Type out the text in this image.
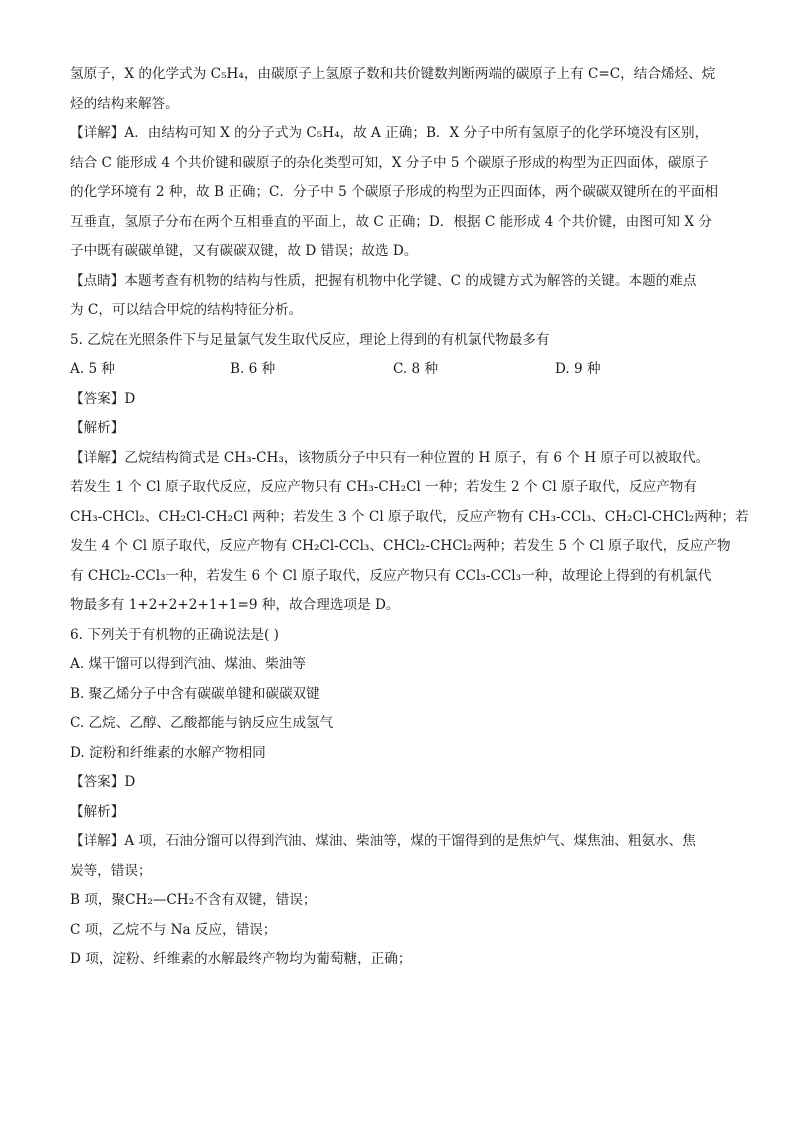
氢原子，X 的化学式为 C₅H₄，由碳原子上氢原子数和共价键数判断两端的碳原子上有 C=C，结合烯烃、烷
烃的结构来解答。
【详解】A．由结构可知 X 的分子式为 C₅H₄，故 A 正确；B．X 分子中所有氢原子的化学环境没有区别，
结合 C 能形成 4 个共价键和碳原子的杂化类型可知，X 分子中 5 个碳原子形成的构型为正四面体，碳原子
的化学环境有 2 种，故 B 正确；C．分子中 5 个碳原子形成的构型为正四面体，两个碳碳双键所在的平面相
互垂直，氢原子分布在两个互相垂直的平面上，故 C 正确；D．根据 C 能形成 4 个共价键，由图可知 X 分
子中既有碳碳单键，又有碳碳双键，故 D 错误；故选 D。
【点睛】本题考查有机物的结构与性质，把握有机物中化学键、C 的成键方式为解答的关键。本题的难点
为 C，可以结合甲烷的结构特征分析。
5. 乙烷在光照条件下与足量氯气发生取代反应，理论上得到的有机氯代物最多有
A. 5 种	B. 6 种	C. 8 种	D. 9 种
【答案】D
【解析】
【详解】乙烷结构简式是 CH₃-CH₃，该物质分子中只有一种位置的 H 原子，有 6 个 H 原子可以被取代。
若发生 1 个 Cl 原子取代反应，反应产物只有 CH₃-CH₂Cl 一种；若发生 2 个 Cl 原子取代，反应产物有
CH₃-CHCl₂、CH₂Cl-CH₂Cl 两种；若发生 3 个 Cl 原子取代，反应产物有 CH₃-CCl₃、CH₂Cl-CHCl₂两种；若
发生 4 个 Cl 原子取代，反应产物有 CH₂Cl-CCl₃、CHCl₂-CHCl₂两种；若发生 5 个 Cl 原子取代，反应产物
有 CHCl₂-CCl₃一种，若发生 6 个 Cl 原子取代，反应产物只有 CCl₃-CCl₃一种，故理论上得到的有机氯代
物最多有 1+2+2+2+1+1=9 种，故合理选项是 D。
6. 下列关于有机物的正确说法是( )
A. 煤干馏可以得到汽油、煤油、柴油等
B. 聚乙烯分子中含有碳碳单键和碳碳双键
C. 乙烷、乙醇、乙酸都能与钠反应生成氢气
D. 淀粉和纤维素的水解产物相同
【答案】D
【解析】
【详解】A 项，石油分馏可以得到汽油、煤油、柴油等，煤的干馏得到的是焦炉气、煤焦油、粗氨水、焦
炭等，错误；
B 项，聚CH₂—CH₂不含有双键，错误；
C 项，乙烷不与 Na 反应，错误；
D 项，淀粉、纤维素的水解最终产物均为葡萄糖，正确；
